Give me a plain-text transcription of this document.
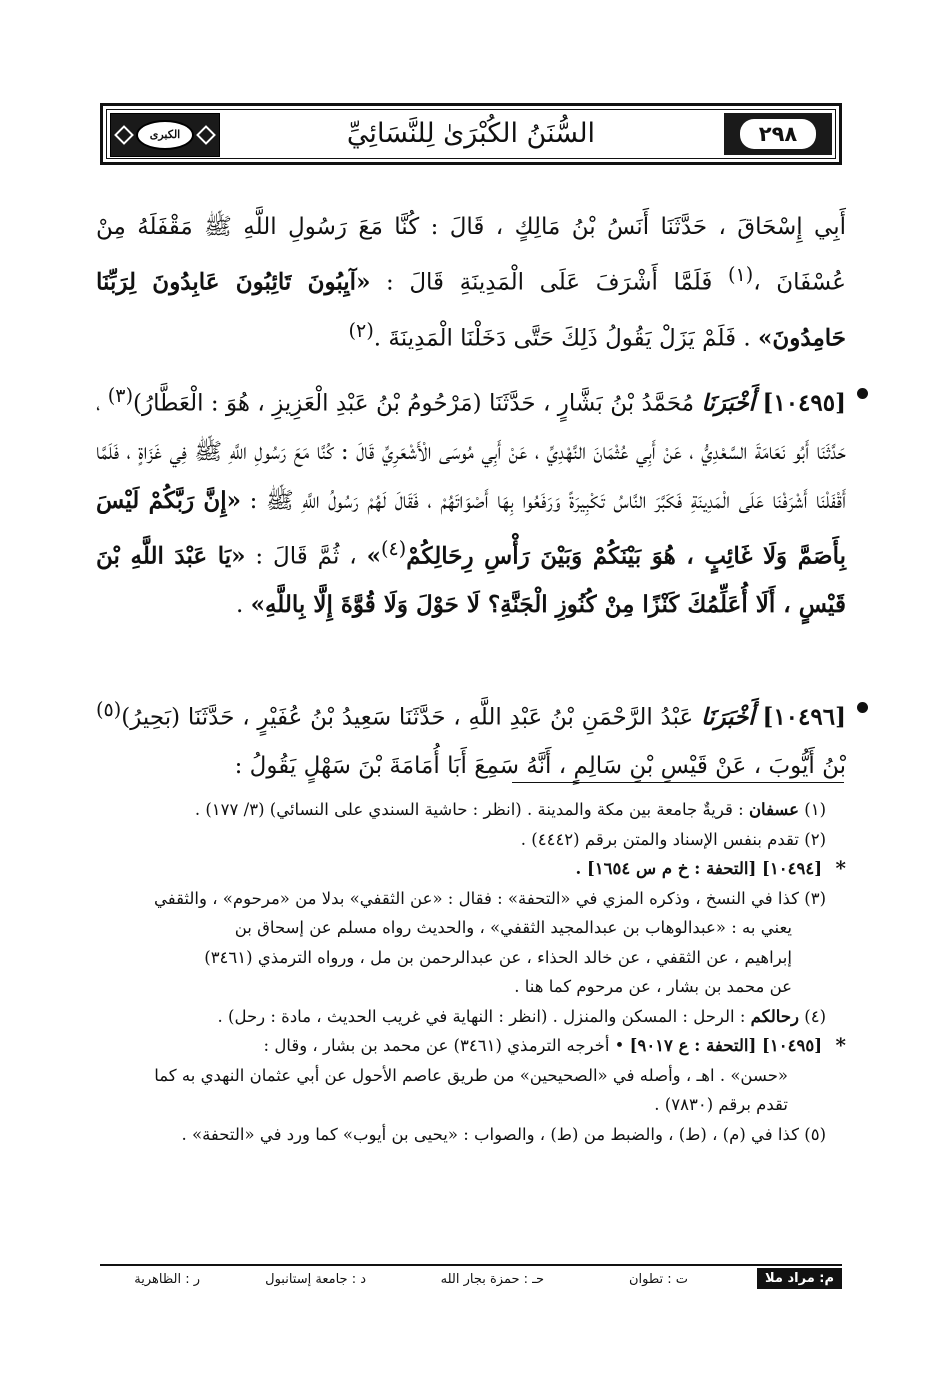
الكبرى	السُّنَنُ الكُبْرَىٰ لِلنَّسَائِيِّ	٢٩٨
أَبِي إِسْحَاقَ ، حَدَّثَنَا أَنَسُ بْنُ مَالِكٍ ، قَالَ : كُنَّا مَعَ رَسُولِ اللَّهِ ﷺ مَقْفَلَهُ مِنْ عُسْفَانَ ،$^{(١)}$ فَلَمَّا أَشْرَفَ عَلَى الْمَدِينَةِ قَالَ : «آيِبُونَ تَائِبُونَ عَابِدُونَ لِرَبِّنَا حَامِدُونَ» . فَلَمْ يَزَلْ يَقُولُ ذَلِكَ حَتَّى دَخَلْنَا الْمَدِينَةَ .$^{(٢)}$
[١٠٤٩٥] أَخْبَرَنَا مُحَمَّدُ بْنُ بَشَّارٍ ، حَدَّثَنَا (مَرْحُومُ بْنُ عَبْدِ الْعَزِيزِ ، هُوَ : الْعَطَّارُ)$^{(٣)}$ ، حَدَّثَنَا أَبُو نَعَامَةَ السَّعْدِيُّ ، عَنْ أَبِي عُثْمَانَ النَّهْدِيِّ ، عَنْ أَبِي مُوسَى الْأَشْعَرِيِّ قَالَ : كُنَّا مَعَ رَسُولِ اللَّهِ ﷺ فِي غَزَاةٍ ، فَلَمَّا أَقْفَلْنَا أَشْرَفْنَا عَلَى الْمَدِينَةِ فَكَبَّرَ النَّاسُ تَكْبِيرَةً وَرَفَعُوا بِهَا أَصْوَاتَهُمْ ، فَقَالَ لَهُمْ رَسُولُ اللَّهِ ﷺ : «إِنَّ رَبَّكُمْ لَيْسَ بِأَصَمَّ وَلَا غَائِبٍ ، هُوَ بَيْنَكُمْ وَبَيْنَ رَأْسِ رِحَالِكُمْ$^{(٤)}$» ، ثُمَّ قَالَ : «يَا عَبْدَ اللَّهِ بْنَ قَيْسٍ ، أَلَا أُعَلِّمُكَ كَنْزًا مِنْ كُنُوزِ الْجَنَّةِ؟ لَا حَوْلَ وَلَا قُوَّةَ إِلَّا بِاللَّهِ» .
[١٠٤٩٦] أَخْبَرَنَا عَبْدُ الرَّحْمَنِ بْنُ عَبْدِ اللَّهِ ، حَدَّثَنَا سَعِيدُ بْنُ عُفَيْرٍ ، حَدَّثَنَا (بَحِيرُ)$^{(٥)}$ بْنُ أَيُّوبَ ، عَنْ قَيْسِ بْنِ سَالِمٍ ، أَنَّهُ سَمِعَ أَبَا أُمَامَةَ بْنَ سَهْلٍ يَقُولُ :
(١) عسفان : قريةٌ جامعة بين مكة والمدينة . (انظر : حاشية السندي على النسائي) (٣/ ١٧٧) .
(٢) تقدم بنفس الإسناد والمتن برقم (٤٤٤٢) .
* [١٠٤٩٤] [التحفة : خ م س ١٦٥٤] .
(٣) كذا في النسخ ، وذكره المزي في «التحفة» : فقال : «عن الثقفي» بدلا من «مرحوم» ، والثقفي
يعني به : «عبدالوهاب بن عبدالمجيد الثقفي» ، والحديث رواه مسلم عن إسحاق بن
إبراهيم ، عن الثقفي ، عن خالد الحذاء ، عن عبدالرحمن بن مل ، ورواه الترمذي (٣٤٦١)
عن محمد بن بشار ، عن مرحوم كما هنا .
(٤) رحالكم : الرحل : المسكن والمنزل . (انظر : النهاية في غريب الحديث ، مادة : رحل) .
* [١٠٤٩٥] [التحفة : ع ٩٠١٧] • أخرجه الترمذي (٣٤٦١) عن محمد بن بشار ، وقال :
«حسن» . اهـ ، وأصله في «الصحيحين» من طريق عاصم الأحول عن أبي عثمان النهدي به كما
تقدم برقم (٧٨٣٠) .
(٥) كذا في (م) ، (ط) ، والضبط من (ط) ، والصواب : «يحيى بن أيوب» كما ورد في «التحفة» .
م: مراد ملا
ت : تطوان
حـ : حمزة بجار الله
د : جامعة إستانبول
ر : الظاهرية
